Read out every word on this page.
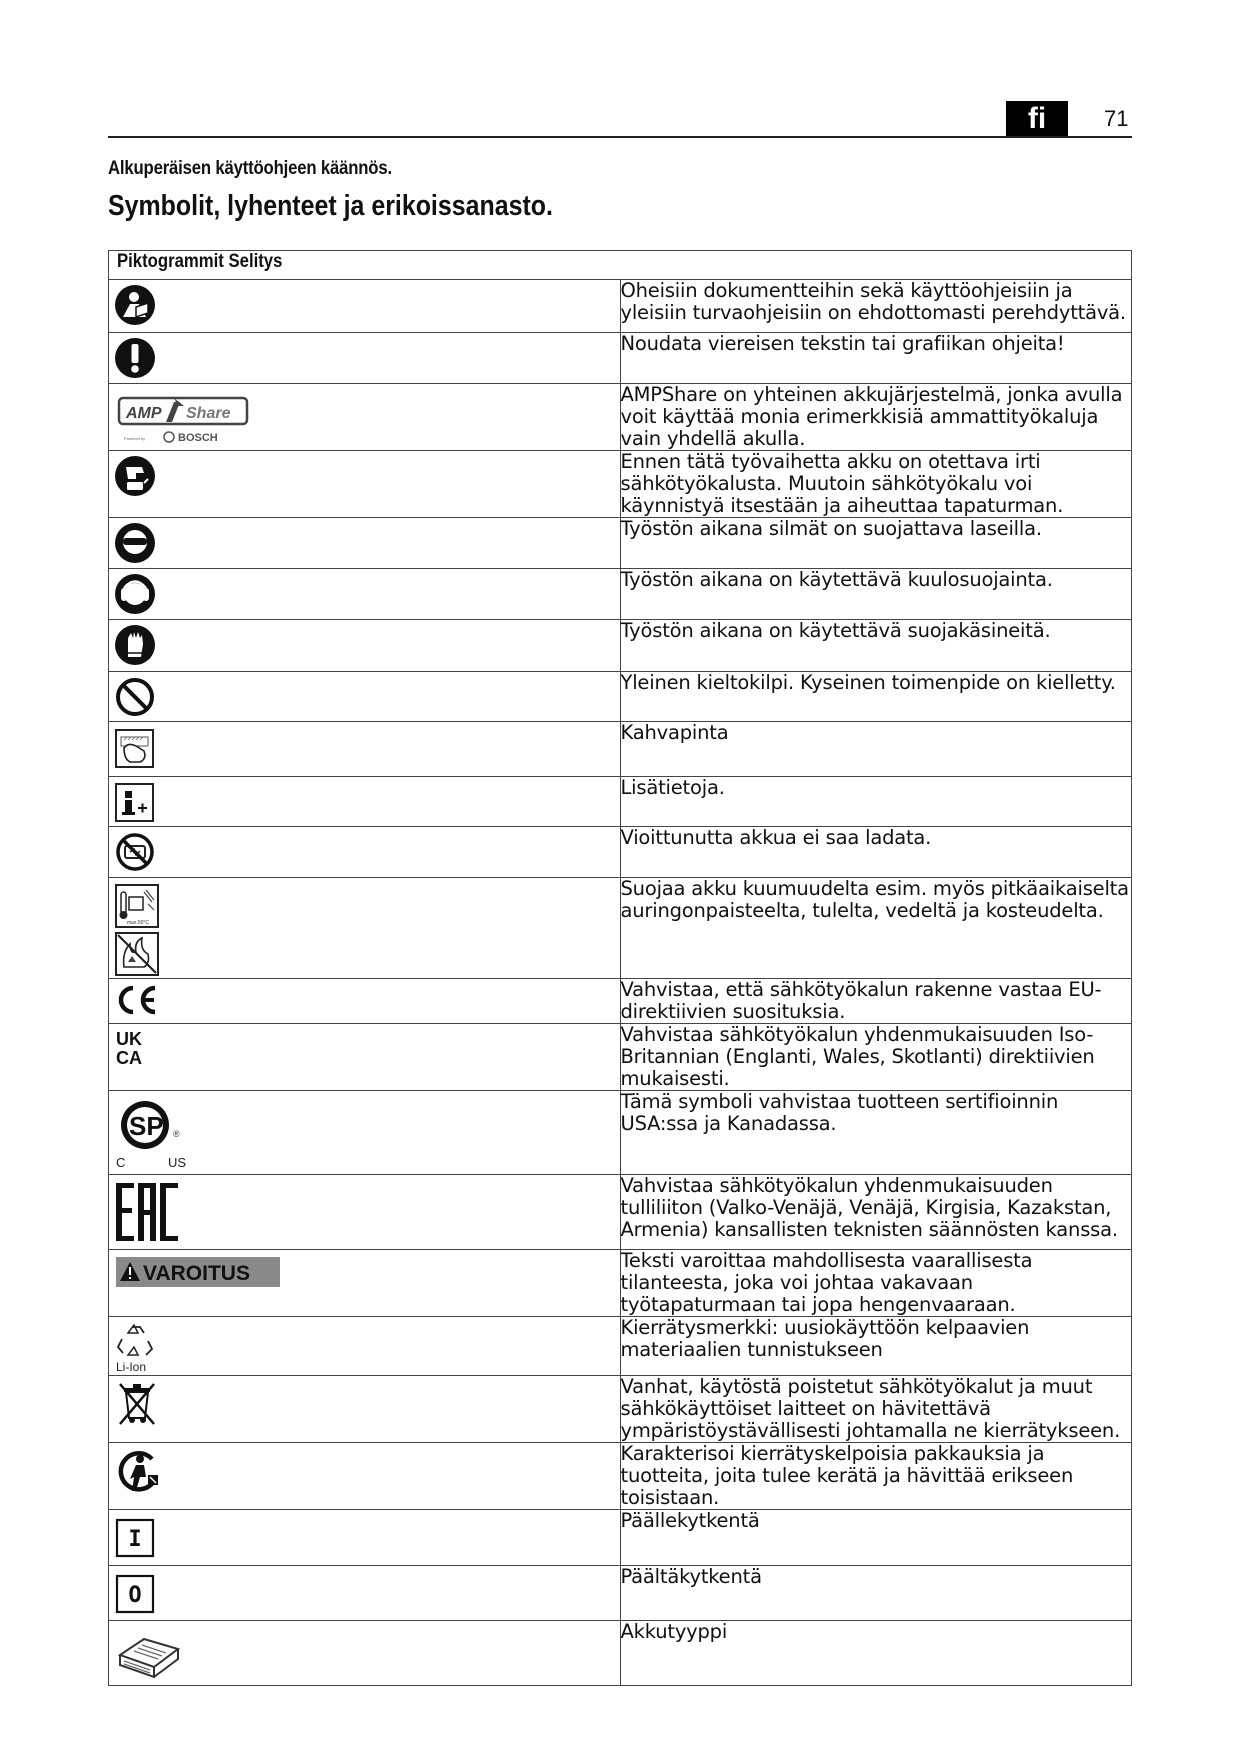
fi	71
Alkuperäisen käyttöohjeen käännös.
Symbolit, lyhenteet ja erikoissanasto.
Piktogrammit Selitys	

	Oheisiin dokumentteihin sekä käyttöohjeisiin ja yleisiin turvaohjeisiin on ehdottomasti perehdyttävä.

	Noudata viereisen tekstin tai grafiikan ohjeita!

AMP Share
Powered by BOSCH	AMPShare on yhteinen akkujärjestelmä, jonka avulla voit käyttää monia erimerkkisiä ammattityökaluja vain yhdellä akulla.

	Ennen tätä työvaihetta akku on otettava irti sähkötyökalusta. Muutoin sähkötyökalu voi käynnistyä itsestään ja aiheuttaa tapaturman.

	Työstön aikana silmät on suojattava laseilla.

	Työstön aikana on käytettävä kuulosuojainta.

	Työstön aikana on käytettävä suojakäsineitä.

	Yleinen kieltokilpi. Kyseinen toimenpide on kielletty.

	Kahvapinta

	Lisätietoja.

	Vioittunutta akkua ei saa ladata.

max.50°C	Suojaa akku kuumuudelta esim. myös pitkäaikaiselta auringonpaisteelta, tulelta, vedeltä ja kosteudelta.

	Vahvistaa, että sähkötyökalun rakenne vastaa EU-direktiivien suosituksia.

UK
CA	Vahvistaa sähkötyökalun yhdenmukaisuuden Iso-Britannian (Englanti, Wales, Skotlanti) direktiivien mukaisesti.

SP ®
C US	Tämä symboli vahvistaa tuotteen sertifioinnin USA:ssa ja Kanadassa.

	Vahvistaa sähkötyökalun yhdenmukaisuuden tulliliiton (Valko-Venäjä, Venäjä, Kirgisia, Kazakstan, Armenia) kansallisten teknisten säännösten kanssa.

VAROITUS	Teksti varoittaa mahdollisesta vaarallisesta tilanteesta, joka voi johtaa vakavaan työtapaturmaan tai jopa hengenvaaraan.

Li-Ion	Kierrätysmerkki: uusiokäyttöön kelpaavien materiaalien tunnistukseen

	Vanhat, käytöstä poistetut sähkötyökalut ja muut sähkökäyttöiset laitteet on hävitettävä ympäristöystävällisesti johtamalla ne kierrätykseen.

	Karakterisoi kierrätyskelpoisia pakkauksia ja tuotteita, joita tulee kerätä ja hävittää erikseen toisistaan.

I	Päällekytkentä

O	Päältäkytkentä

	Akkutyyppi
